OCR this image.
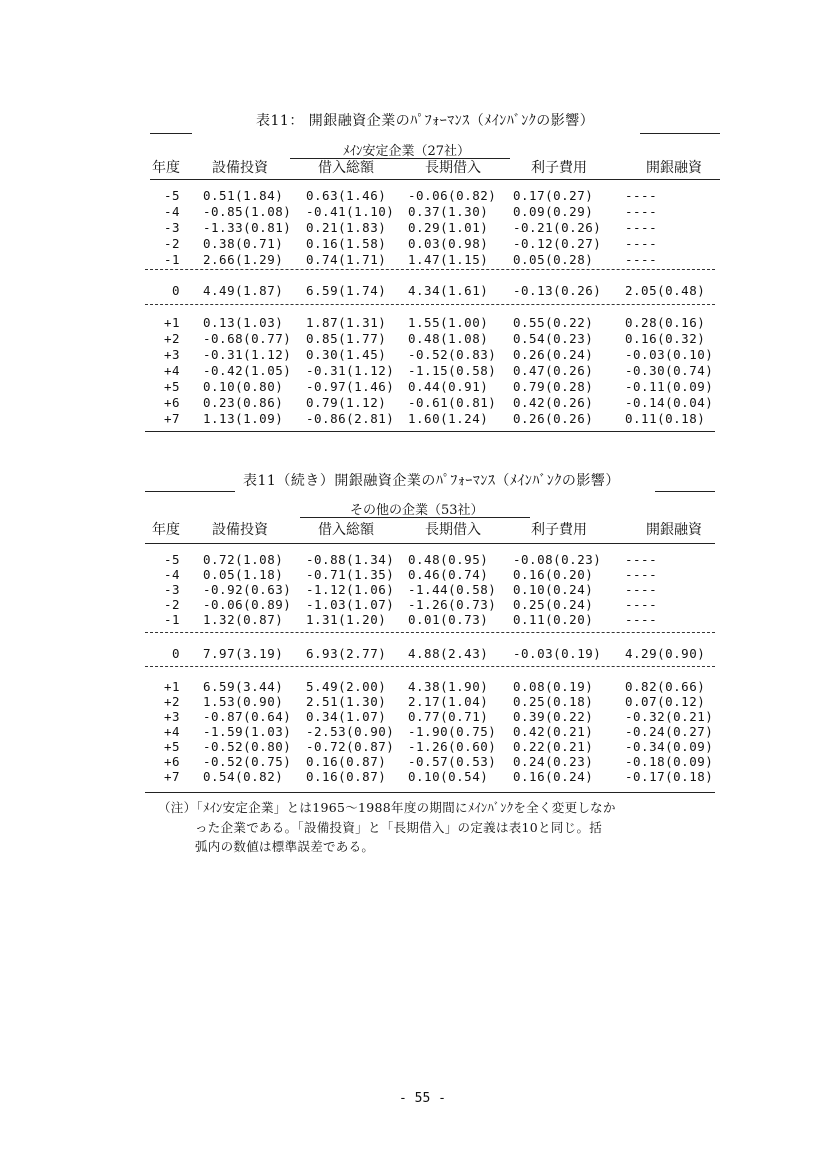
表11： 開銀融資企業のﾊﾟﾌｫｰﾏﾝｽ（ﾒｲﾝﾊﾞﾝｸの影響）
ﾒｲﾝ安定企業（27社）
年度 設備投資	借入総額	長期借入	利子費用	開銀融資
-5 0.51(1.84) 0.63(1.46) -0.06(0.82) 0.17(0.27)	----
-4 -0.85(1.08) -0.41(1.10) 0.37(1.30) 0.09(0.29)	----
-3 -1.33(0.81) 0.21(1.83) 0.29(1.01) -0.21(0.26) ----
-2 0.38(0.71) 0.16(1.58) 0.03(0.98) -0.12(0.27) ----
-1 2.66(1.29) 0.74(1.71) 1.47(1.15) 0.05(0.28)	----
0 4.49(1.87) 6.59(1.74) 4.34(1.61) -0.13(0.26) 2.05(0.48)
+1 0.13(1.03) 1.87(1.31) 1.55(1.00) 0.55(0.22)	0.28(0.16)
+2 -0.68(0.77) 0.85(1.77) 0.48(1.08) 0.54(0.23)	0.16(0.32)
+3 -0.31(1.12) 0.30(1.45) -0.52(0.83) 0.26(0.24)	-0.03(0.10)
+4 -0.42(1.05) -0.31(1.12) -1.15(0.58) 0.47(0.26)	-0.30(0.74)
+5 0.10(0.80) -0.97(1.46) 0.44(0.91) 0.79(0.28)	-0.11(0.09)
+6 0.23(0.86) 0.79(1.12) -0.61(0.81) 0.42(0.26)	-0.14(0.04)
+7 1.13(1.09) -0.86(2.81) 1.60(1.24) 0.26(0.26)	0.11(0.18)
表11（続き）開銀融資企業のﾊﾟﾌｫｰﾏﾝｽ（ﾒｲﾝﾊﾞﾝｸの影響）
その他の企業（53社）
年度 設備投資	借入総額	長期借入	利子費用	開銀融資
-5 0.72(1.08) -0.88(1.34) 0.48(0.95) -0.08(0.23) ----
-4 0.05(1.18) -0.71(1.35) 0.46(0.74) 0.16(0.20)	----
-3 -0.92(0.63) -1.12(1.06) -1.44(0.58) 0.10(0.24)	----
-2 -0.06(0.89) -1.03(1.07) -1.26(0.73) 0.25(0.24)	----
-1 1.32(0.87) 1.31(1.20) 0.01(0.73) 0.11(0.20)	----
0 7.97(3.19) 6.93(2.77) 4.88(2.43) -0.03(0.19) 4.29(0.90)
+1 6.59(3.44) 5.49(2.00) 4.38(1.90) 0.08(0.19)	0.82(0.66)
+2 1.53(0.90) 2.51(1.30) 2.17(1.04) 0.25(0.18)	0.07(0.12)
+3 -0.87(0.64) 0.34(1.07) 0.77(0.71) 0.39(0.22)	-0.32(0.21)
+4 -1.59(1.03) -2.53(0.90) -1.90(0.75) 0.42(0.21)	-0.24(0.27)
+5 -0.52(0.80) -0.72(0.87) -1.26(0.60) 0.22(0.21)	-0.34(0.09)
+6 -0.52(0.75) 0.16(0.87) -0.57(0.53) 0.24(0.23)	-0.18(0.09)
+7 0.54(0.82) 0.16(0.87) 0.10(0.54) 0.16(0.24)	-0.17(0.18)
（注）「ﾒｲﾝ安定企業」とは1965～1988年度の期間にﾒｲﾝﾊﾞﾝｸを全く変更しなか
った企業である。「設備投資」と「長期借入」の定義は表10と同じ。括
弧内の数値は標準誤差である。
- 55 -
